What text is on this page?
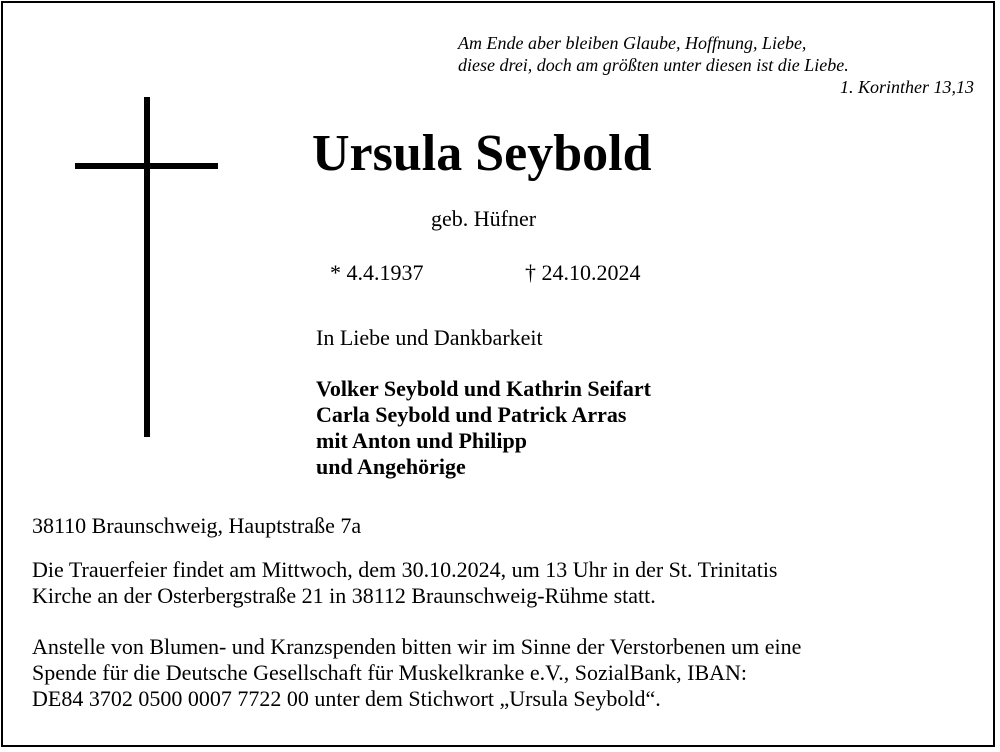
Am Ende aber bleiben Glaube, Hoffnung, Liebe,
diese drei, doch am größten unter diesen ist die Liebe.
1. Korinther 13,13
Ursula Seybold
geb. Hüfner
* 4.4.1937	† 24.10.2024
In Liebe und Dankbarkeit
Volker Seybold und Kathrin Seifart
Carla Seybold und Patrick Arras
mit Anton und Philipp
und Angehörige
38110 Braunschweig, Hauptstraße 7a
Die Trauerfeier findet am Mittwoch, dem 30.10.2024, um 13 Uhr in der St. Trinitatis
Kirche an der Osterbergstraße 21 in 38112 Braunschweig-Rühme statt.
Anstelle von Blumen- und Kranzspenden bitten wir im Sinne der Verstorbenen um eine
Spende für die Deutsche Gesellschaft für Muskelkranke e.V., SozialBank, IBAN:
DE84 3702 0500 0007 7722 00 unter dem Stichwort „Ursula Seybold“.
